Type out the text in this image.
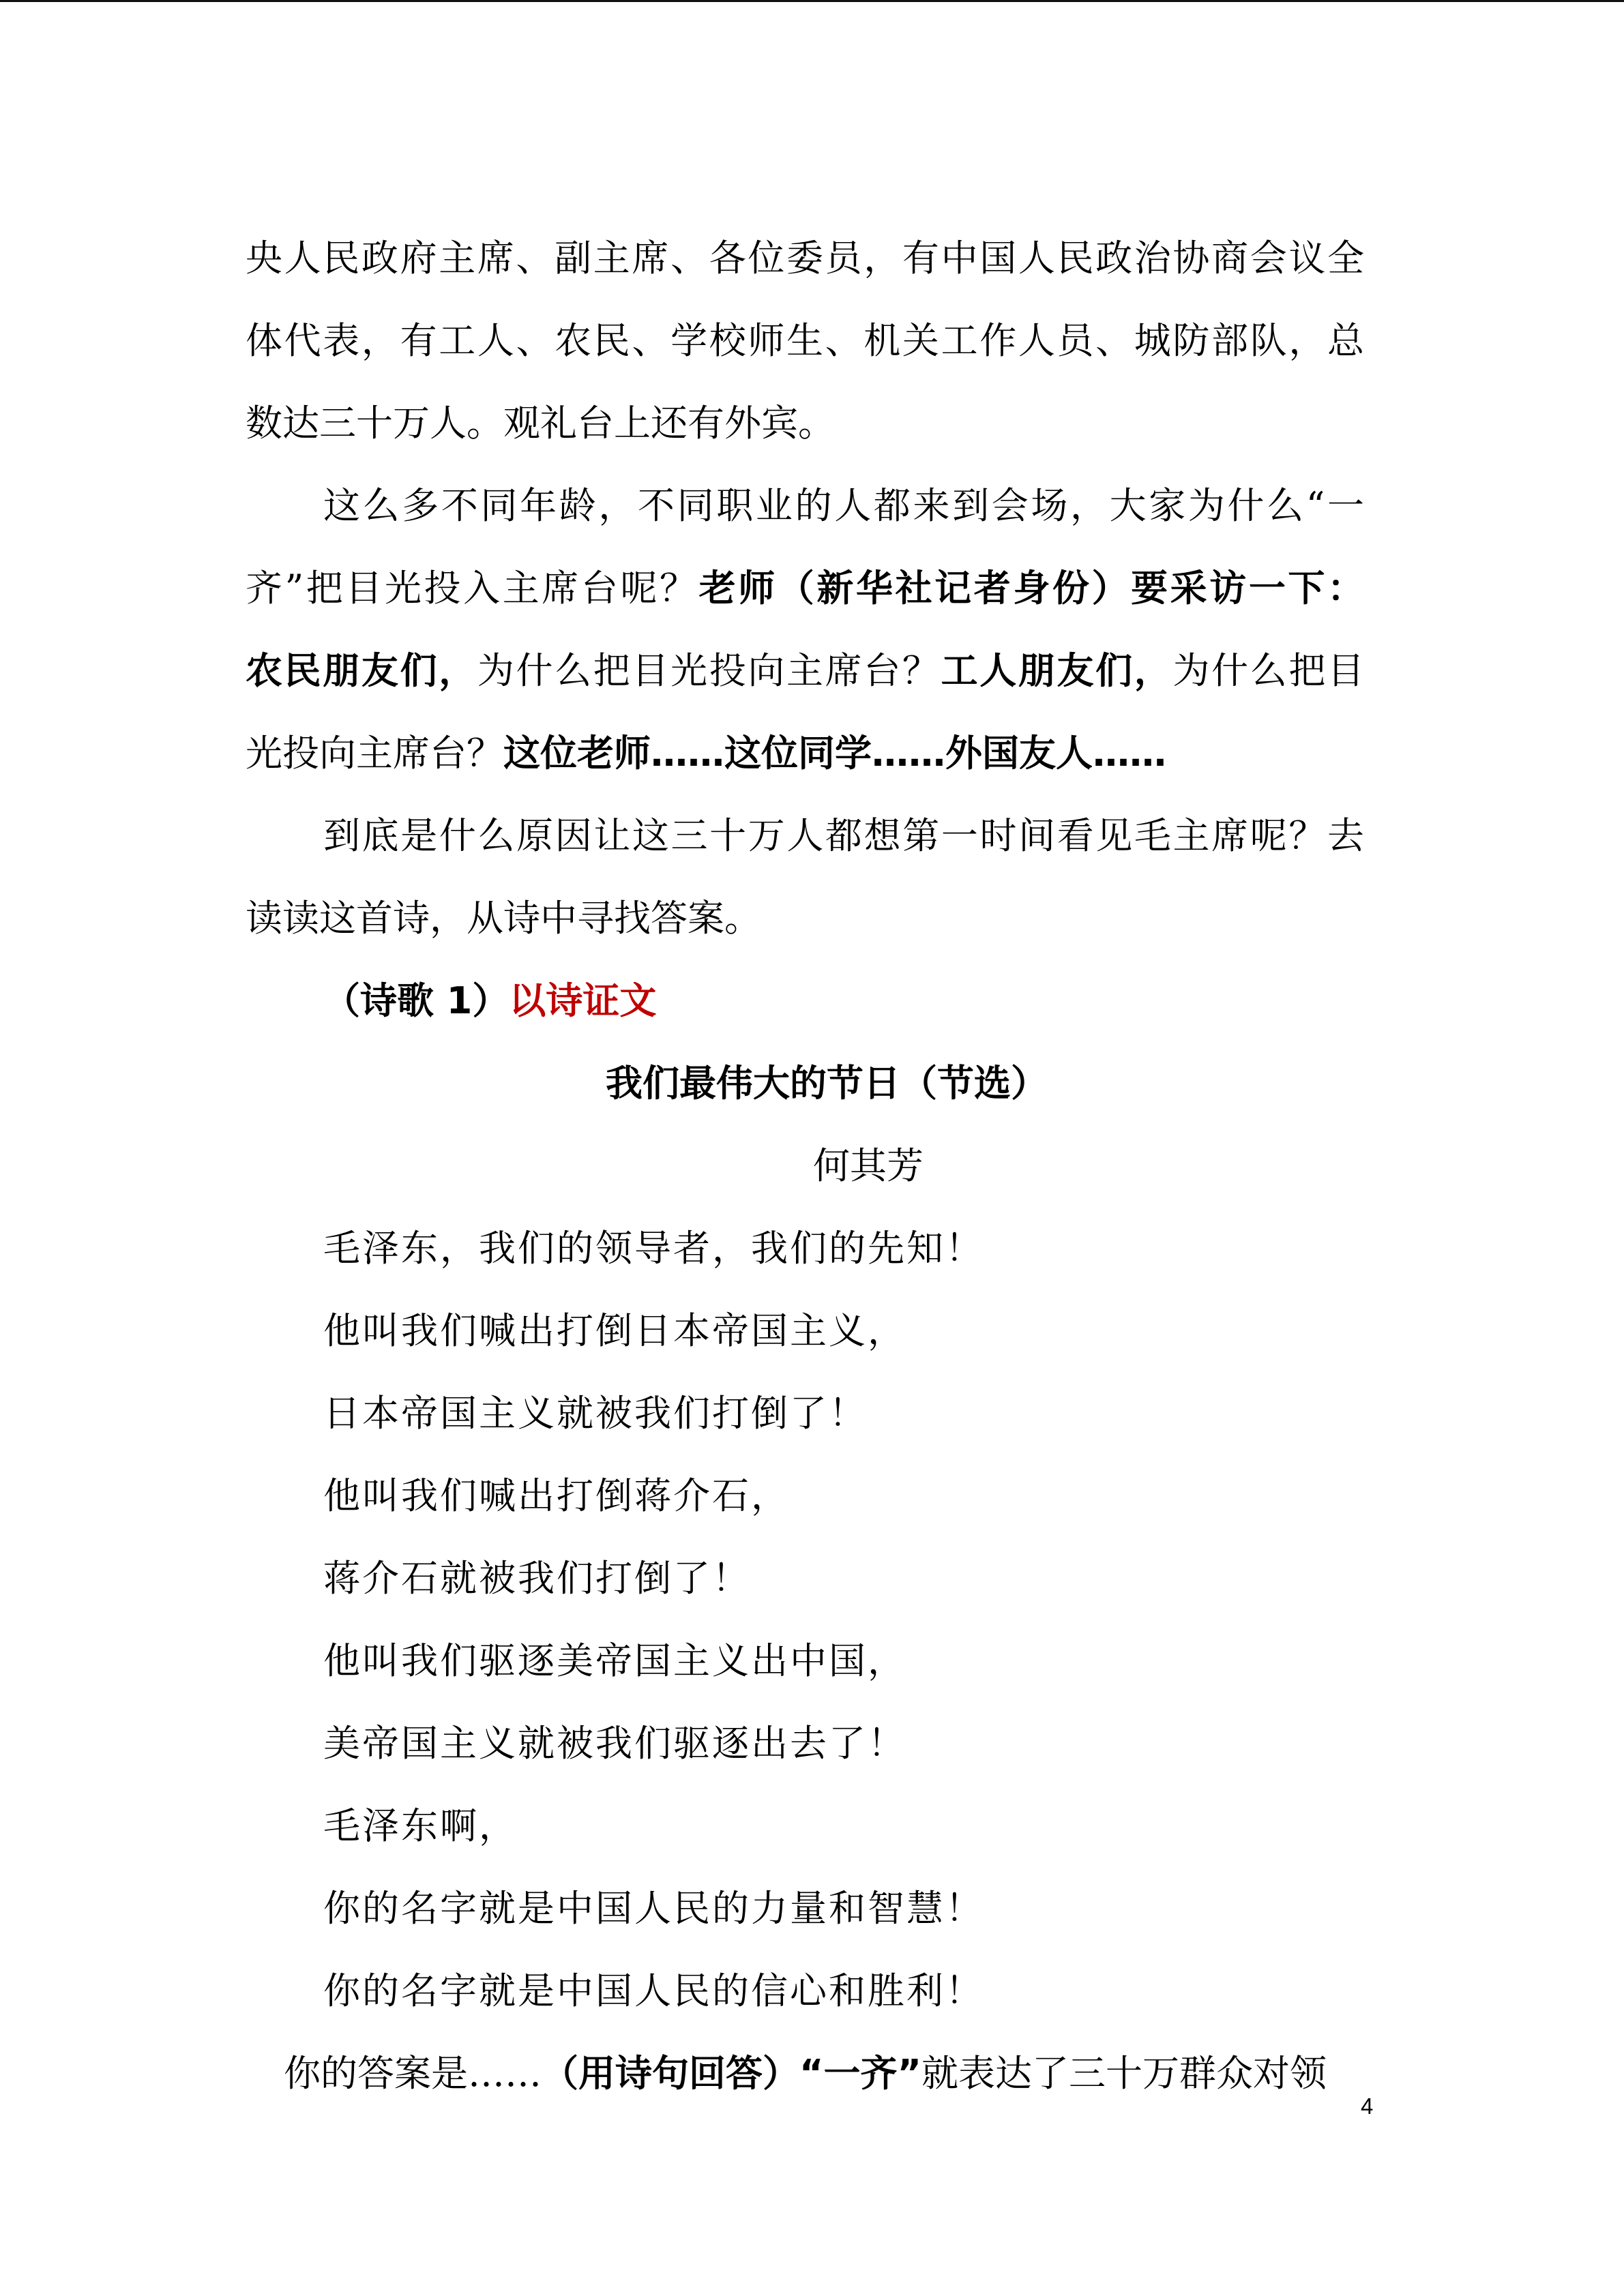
央人民政府主席、副主席、各位委员，有中国人民政治协商会议全
体代表，有工人、农民、学校师生、机关工作人员、城防部队，总
数达三十万人。观礼台上还有外宾。
这么多不同年龄，不同职业的人都来到会场，大家为什么“一
齐”把目光投入主席台呢？老师（新华社记者身份）要采访一下：
农民朋友们，为什么把目光投向主席台？工人朋友们，为什么把目
光投向主席台？这位老师……这位同学……外国友人……
到底是什么原因让这三十万人都想第一时间看见毛主席呢？去
读读这首诗，从诗中寻找答案。
（诗歌 1）以诗证文
我们最伟大的节日（节选）
何其芳
毛泽东，我们的领导者，我们的先知！
他叫我们喊出打倒日本帝国主义，
日本帝国主义就被我们打倒了！
他叫我们喊出打倒蒋介石，
蒋介石就被我们打倒了！
他叫我们驱逐美帝国主义出中国，
美帝国主义就被我们驱逐出去了！
毛泽东啊，
你的名字就是中国人民的力量和智慧！
你的名字就是中国人民的信心和胜利！
你的答案是……（用诗句回答）“一齐”就表达了三十万群众对领
4
